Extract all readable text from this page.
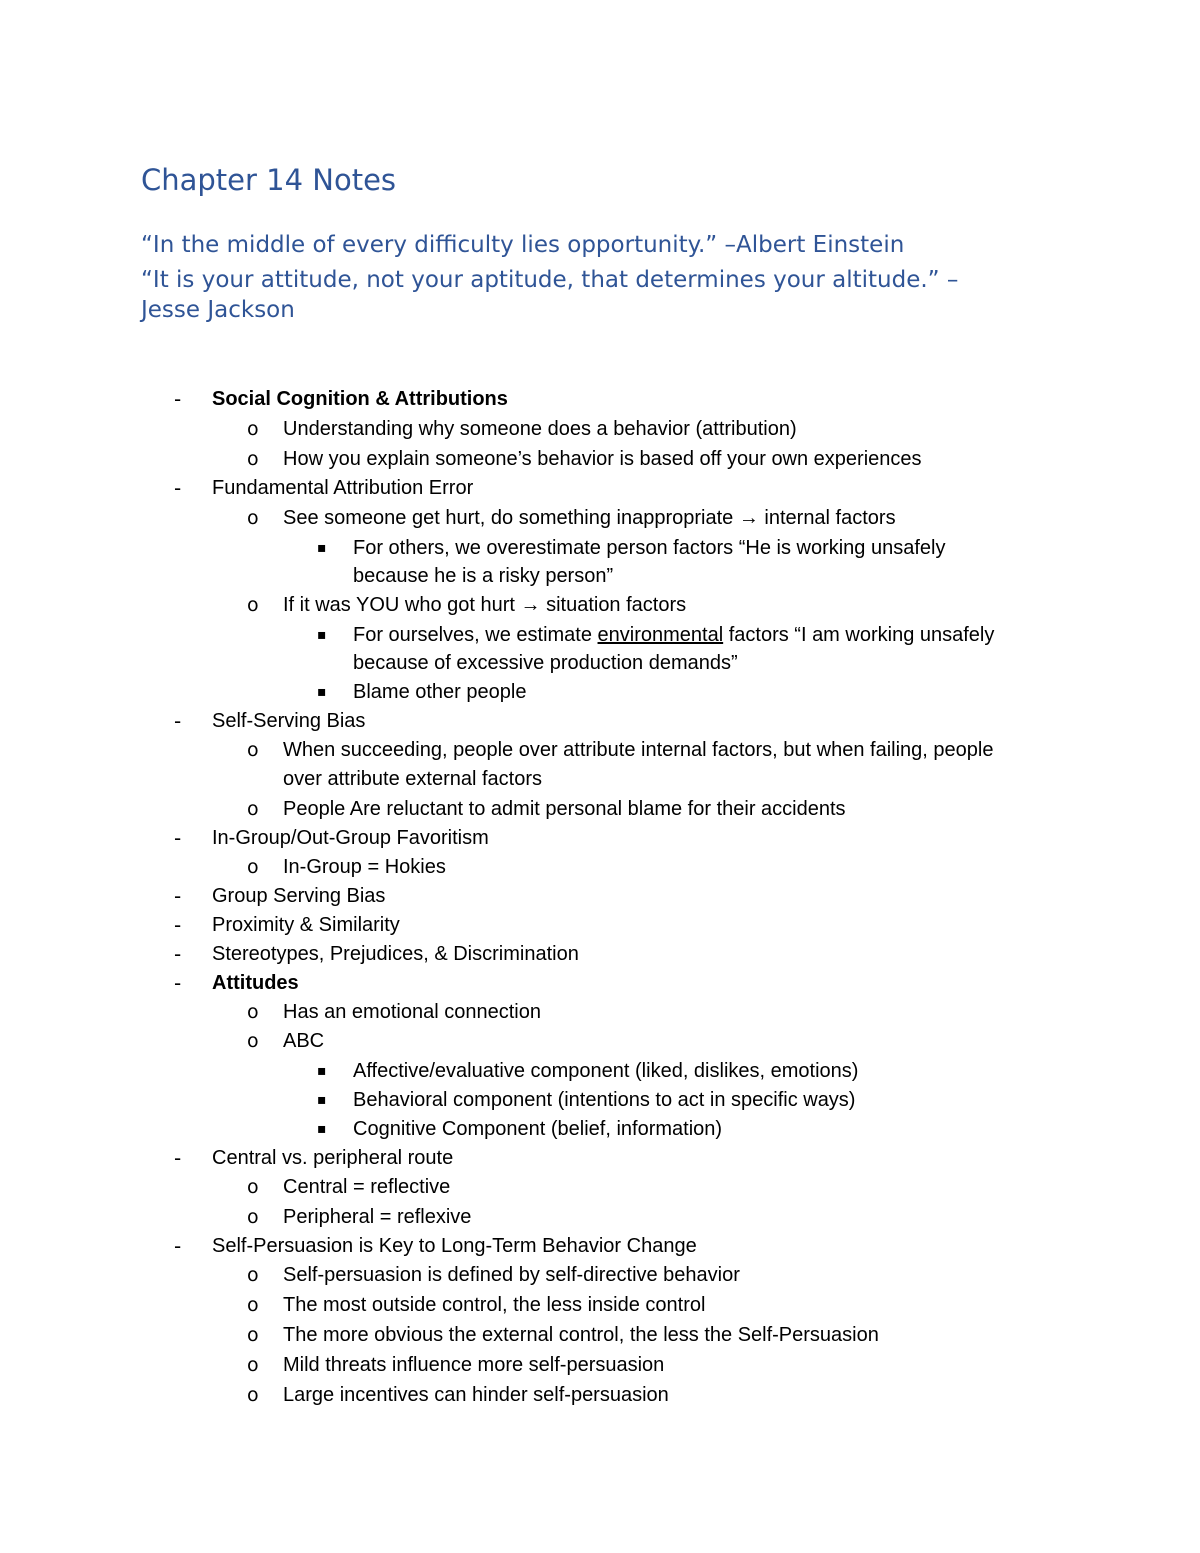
Chapter 14 Notes
“In the middle of every difficulty lies opportunity.” –Albert Einstein
“It is your attitude, not your aptitude, that determines your altitude.” –
Jesse Jackson
- Social Cognition & Attributions
o Understanding why someone does a behavior (attribution)
o How you explain someone’s behavior is based off your own experiences
- Fundamental Attribution Error
o See someone get hurt, do something inappropriate → internal factors
▪ For others, we overestimate person factors “He is working unsafely
because he is a risky person”
o If it was YOU who got hurt → situation factors
▪ For ourselves, we estimate environmental factors “I am working unsafely
because of excessive production demands”
▪ Blame other people
- Self-Serving Bias
o When succeeding, people over attribute internal factors, but when failing, people
over attribute external factors
o People Are reluctant to admit personal blame for their accidents
- In-Group/Out-Group Favoritism
o In-Group = Hokies
- Group Serving Bias
- Proximity & Similarity
- Stereotypes, Prejudices, & Discrimination
- Attitudes
o Has an emotional connection
o ABC
▪ Affective/evaluative component (liked, dislikes, emotions)
▪ Behavioral component (intentions to act in specific ways)
▪ Cognitive Component (belief, information)
- Central vs. peripheral route
o Central = reflective
o Peripheral = reflexive
- Self-Persuasion is Key to Long-Term Behavior Change
o Self-persuasion is defined by self-directive behavior
o The most outside control, the less inside control
o The more obvious the external control, the less the Self-Persuasion
o Mild threats influence more self-persuasion
o Large incentives can hinder self-persuasion
